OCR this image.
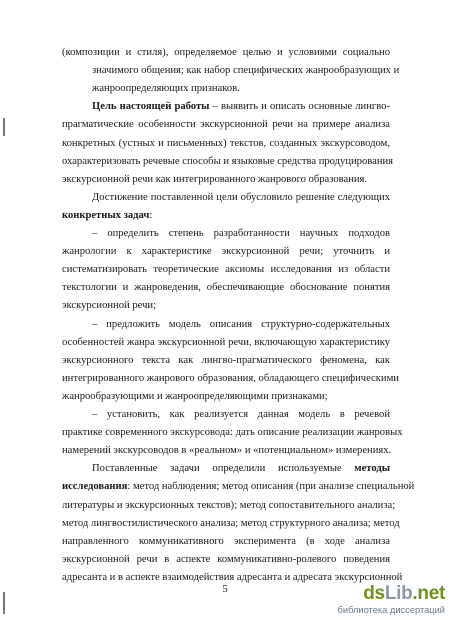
(композиции и стиля), определяемое целью и условиями социально
значимого общения; как набор специфических жанрообразующих и
жанроопределяющих признаков.
Цель настоящей работы – выявить и описать основные лингво-
прагматические особенности экскурсионной речи на примере анализа
конкретных (устных и письменных) текстов, созданных экскурсоводом,
охарактеризовать речевые способы и языковые средства продуцирования
экскурсионной речи как интегрированного жанрового образования.
Достижение поставленной цели обусловило решение следующих
конкретных задач:
– определить степень разработанности научных подходов
жанрологии к характеристике экскурсионной речи; уточнить и
систематизировать теоретические аксиомы исследования из области
текстологии и жанроведения, обеспечивающие обоснование понятия
экскурсионной речи;
– предложить модель описания структурно-содержательных
особенностей жанра экскурсионной речи, включающую характеристику
экскурсионного текста как лингво-прагматического феномена, как
интегрированного жанрового образования, обладающего специфическими
жанрообразующими и жанроопределяющими признаками;
– установить, как реализуется данная модель в речевой
практике современного экскурсовода: дать описание реализации жанровых
намерений экскурсоводов в «реальном» и «потенциальном» измерениях.
Поставленные задачи определили используемые методы
исследования: метод наблюдения; метод описания (при анализе специальной
литературы и экскурсионных текстов); метод сопоставительного анализа;
метод лингвостилистического анализа; метод структурного анализа; метод
направленного коммуникативного эксперимента (в ходе анализа
экскурсионной речи в аспекте коммуникативно-ролевого поведения
адресанта и в аспекте взаимодействия адресанта и адресата экскурсионной
5	dsLib.net
библиотека диссертаций
